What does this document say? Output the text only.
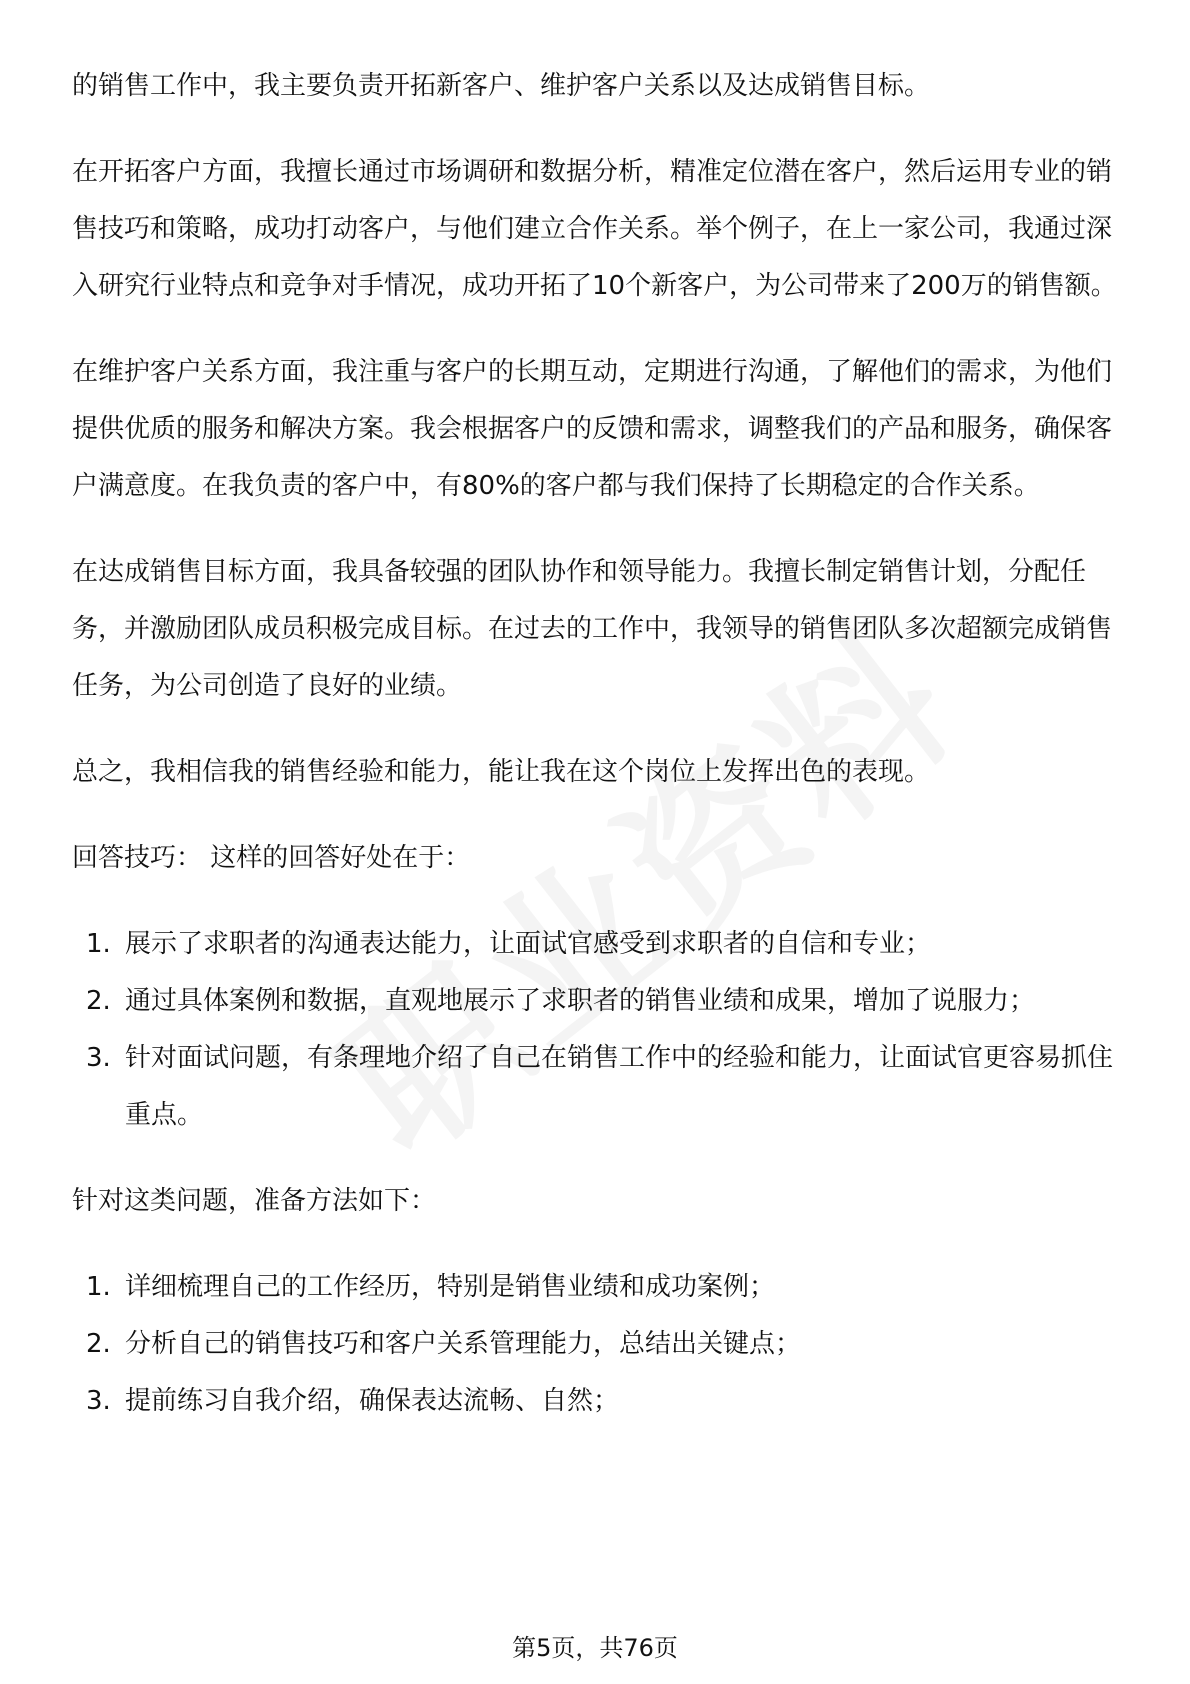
的销售工作中，我主要负责开拓新客户、维护客户关系以及达成销售目标。

在开拓客户方面，我擅长通过市场调研和数据分析，精准定位潜在客户，然后运用专业的销售技巧和策略，成功打动客户，与他们建立合作关系。举个例子，在上一家公司，我通过深入研究行业特点和竞争对手情况，成功开拓了10个新客户，为公司带来了200万的销售额。

在维护客户关系方面，我注重与客户的长期互动，定期进行沟通，了解他们的需求，为他们提供优质的服务和解决方案。我会根据客户的反馈和需求，调整我们的产品和服务，确保客户满意度。在我负责的客户中，有80%的客户都与我们保持了长期稳定的合作关系。

在达成销售目标方面，我具备较强的团队协作和领导能力。我擅长制定销售计划，分配任务，并激励团队成员积极完成目标。在过去的工作中，我领导的销售团队多次超额完成销售任务，为公司创造了良好的业绩。

总之，我相信我的销售经验和能力，能让我在这个岗位上发挥出色的表现。

回答技巧： 这样的回答好处在于：

1. 展示了求职者的沟通表达能力，让面试官感受到求职者的自信和专业；
2. 通过具体案例和数据，直观地展示了求职者的销售业绩和成果，增加了说服力；
3. 针对面试问题，有条理地介绍了自己在销售工作中的经验和能力，让面试官更容易抓住重点。

针对这类问题，准备方法如下：

1. 详细梳理自己的工作经历，特别是销售业绩和成功案例；
2. 分析自己的销售技巧和客户关系管理能力，总结出关键点；
3. 提前练习自我介绍，确保表达流畅、自然；
第5页，共76页
